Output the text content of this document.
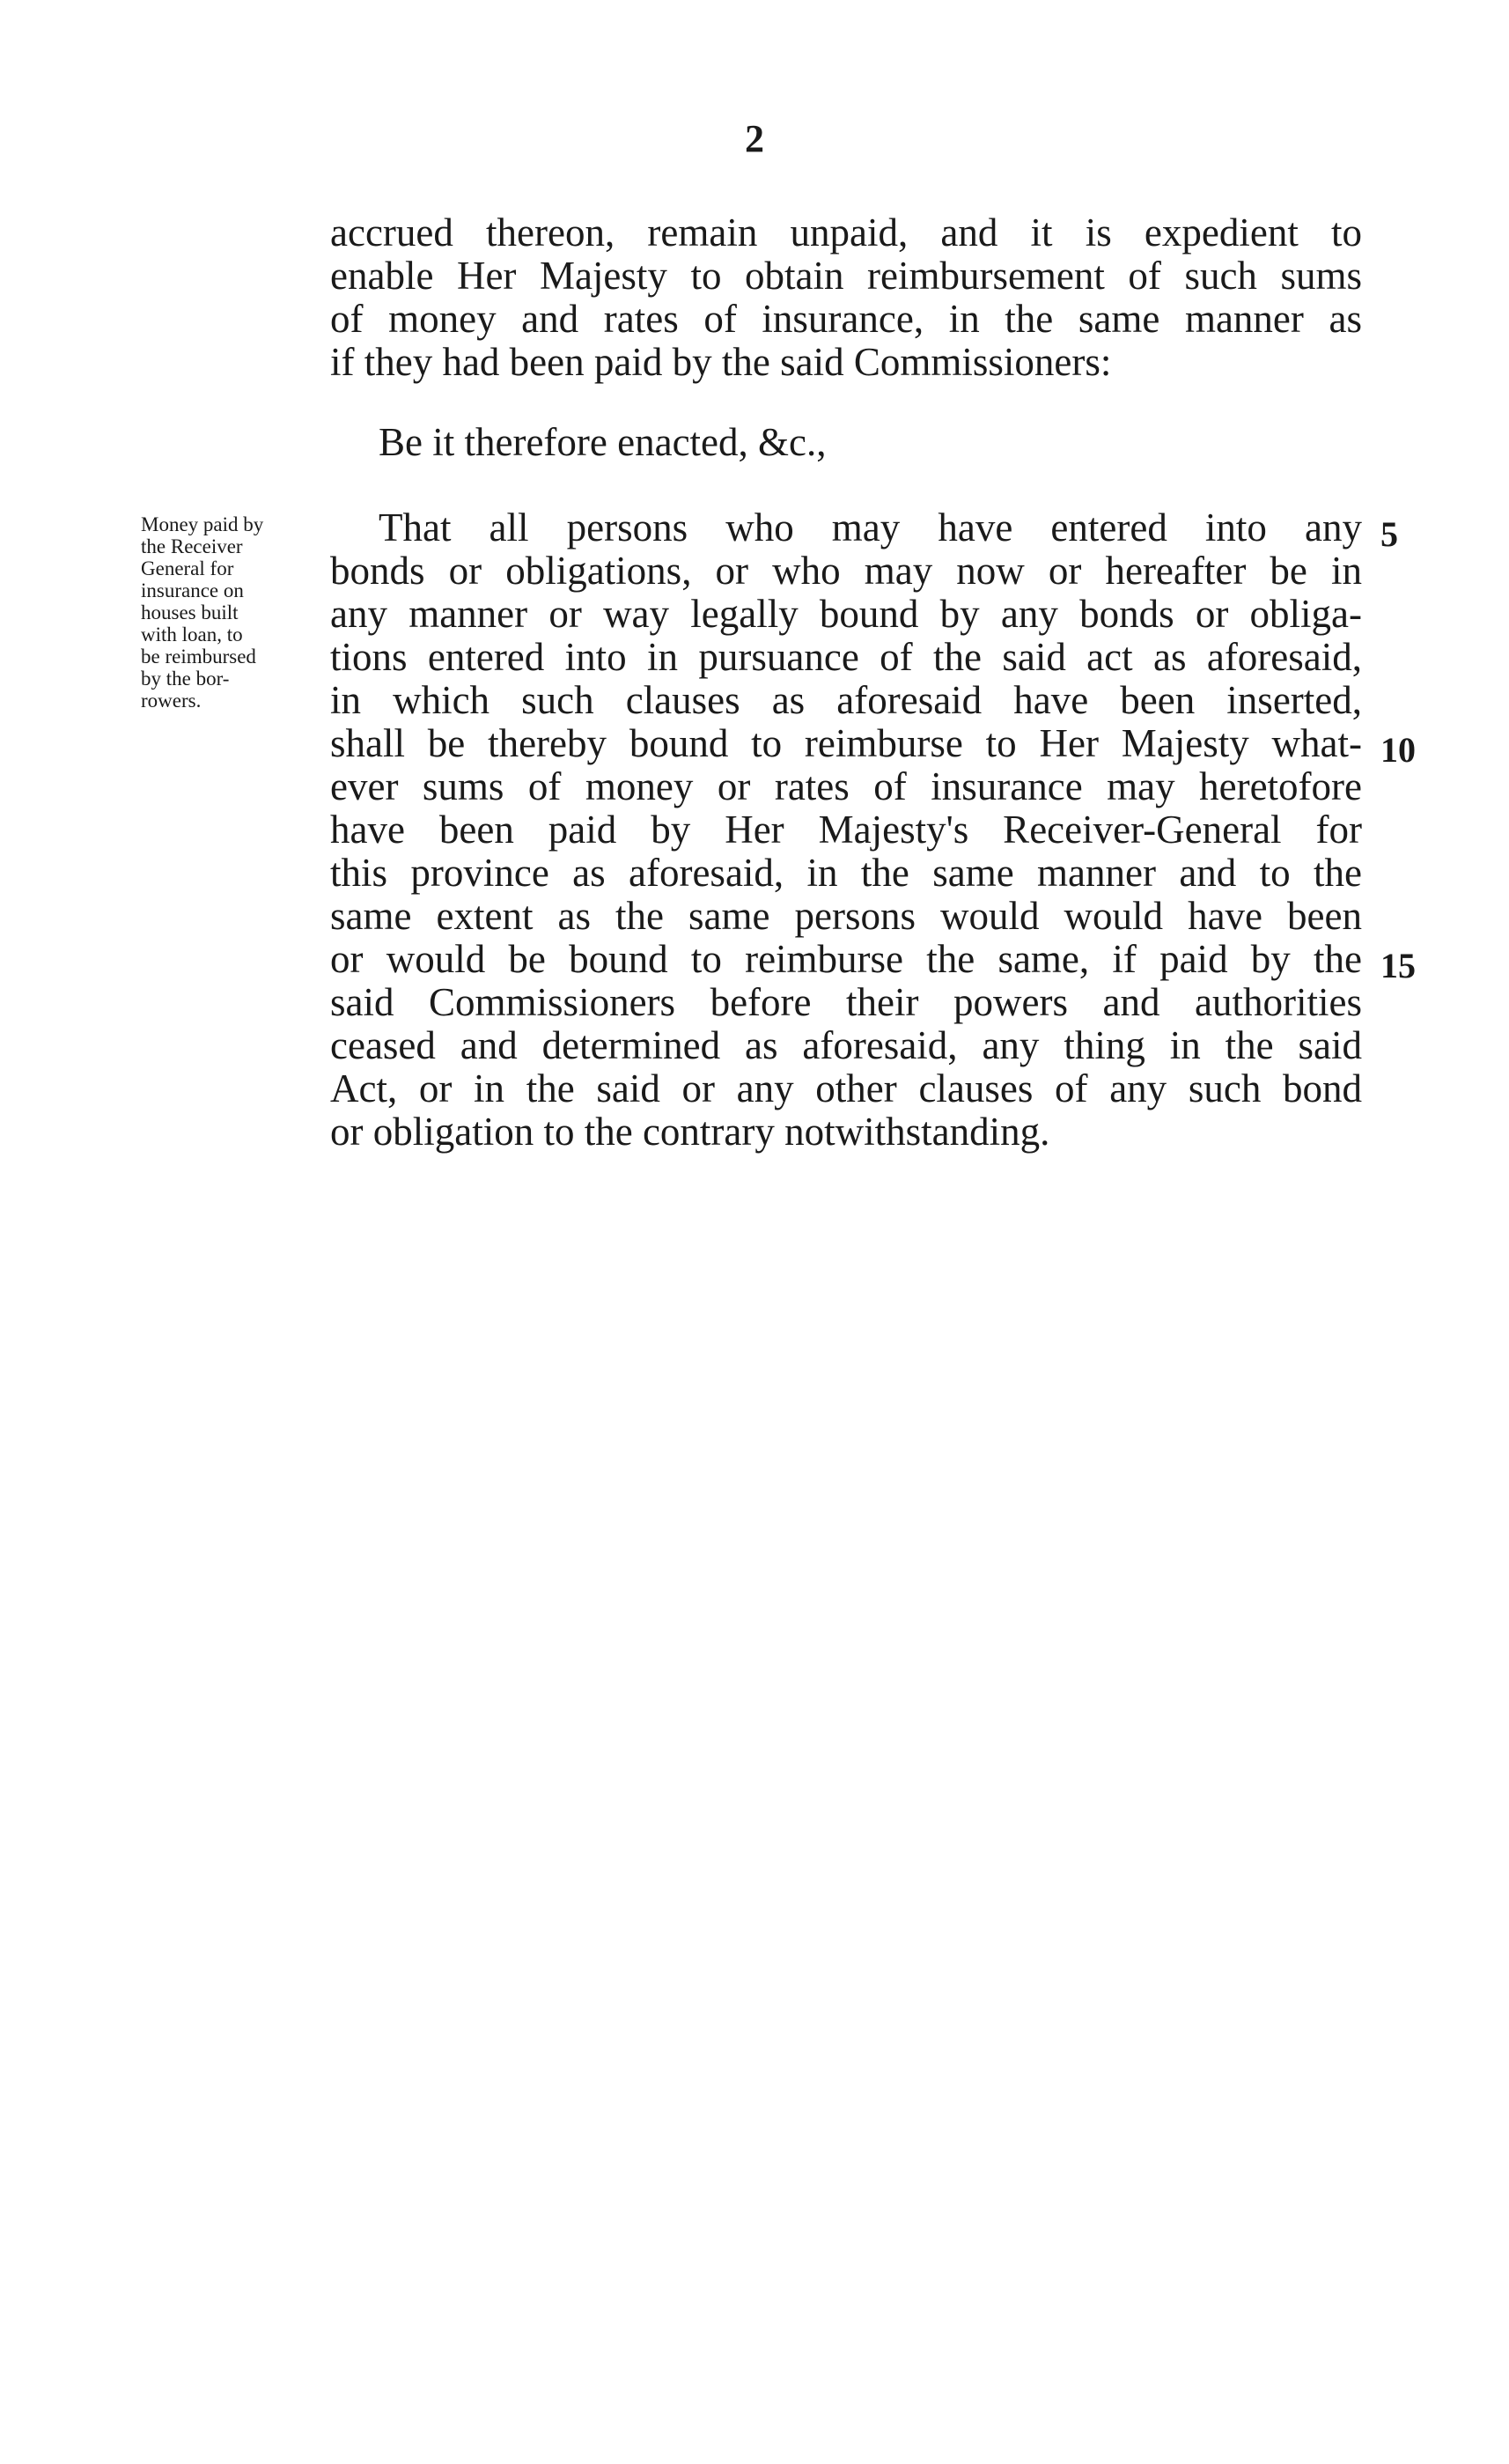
2
accrued thereon, remain unpaid, and it is expedient to
enable Her Majesty to obtain reimbursement of such sums
of money and rates of insurance, in the same manner as
if they had been paid by the said Commissioners:
Be it therefore enacted, &c.,
Money paid by
the Receiver
General for
insurance on
houses built
with loan, to
be reimbursed
by the bor-
rowers.
That all persons who may have entered into any
bonds or obligations, or who may now or hereafter be in
any manner or way legally bound by any bonds or obliga-
tions entered into in pursuance of the said act as aforesaid,
in which such clauses as aforesaid have been inserted,
shall be thereby bound to reimburse to Her Majesty what-
ever sums of money or rates of insurance may heretofore
have been paid by Her Majesty's Receiver-General for
this province as aforesaid, in the same manner and to the
same extent as the same persons would would have been
or would be bound to reimburse the same, if paid by the
said Commissioners before their powers and authorities
ceased and determined as aforesaid, any thing in the said
Act, or in the said or any other clauses of any such bond
or obligation to the contrary notwithstanding.
5
10
15
